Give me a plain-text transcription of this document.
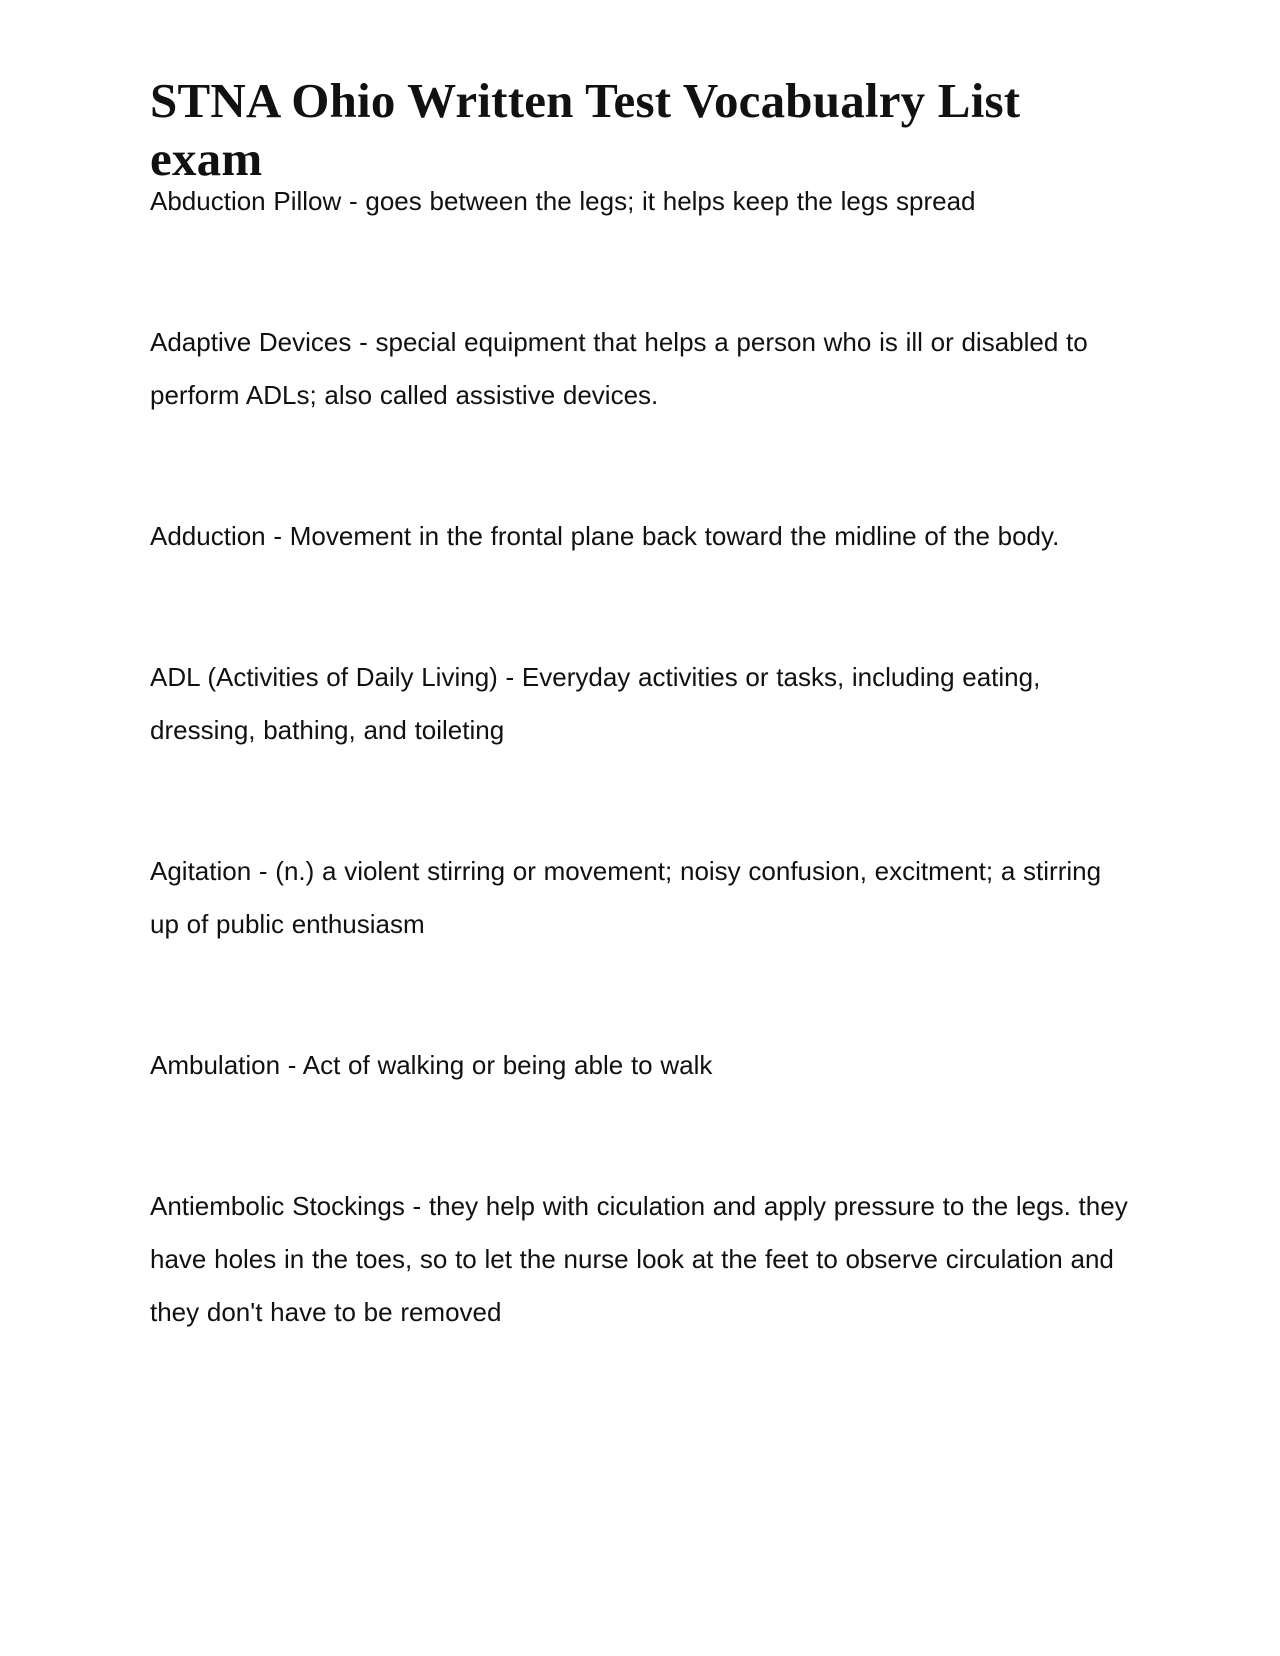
STNA Ohio Written Test Vocabualry List exam
Abduction Pillow - goes between the legs; it helps keep the legs spread
Adaptive Devices - special equipment that helps a person who is ill or disabled to perform ADLs; also called assistive devices.
Adduction - Movement in the frontal plane back toward the midline of the body.
ADL (Activities of Daily Living) - Everyday activities or tasks, including eating, dressing, bathing, and toileting
Agitation - (n.) a violent stirring or movement; noisy confusion, excitment; a stirring up of public enthusiasm
Ambulation - Act of walking or being able to walk
Antiembolic Stockings - they help with ciculation and apply pressure to the legs. they have holes in the toes, so to let the nurse look at the feet to observe circulation and they don't have to be removed
